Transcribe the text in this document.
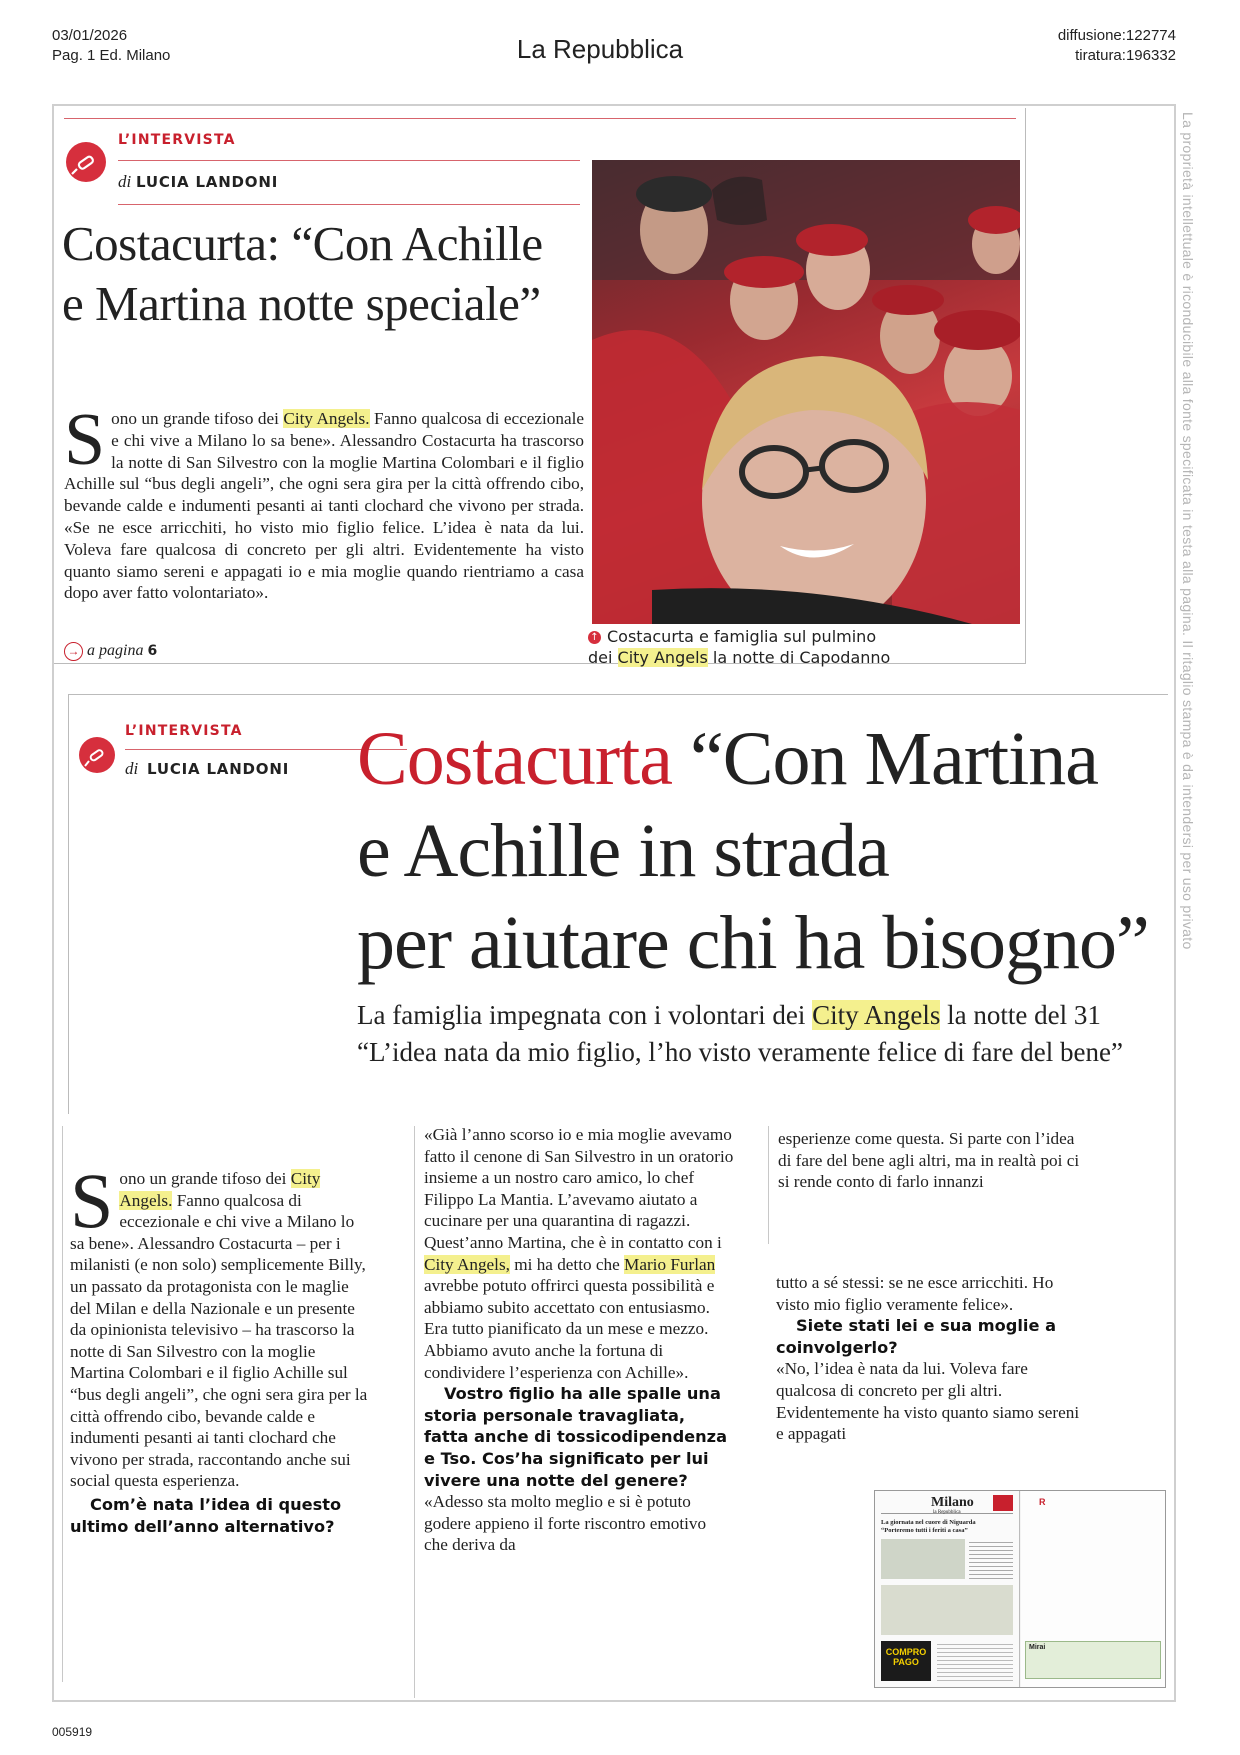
03/01/2026
Pag. 1 Ed. Milano	La Repubblica	diffusione:122774
tiratura:196332
La proprietà intellettuale è riconducibile alla fonte specificata in testa alla pagina. Il ritaglio stampa è da intendersi per uso privato
L’INTERVISTA
di LUCIA LANDONI
Costacurta: “Con Achille
e Martina notte speciale”
Sono un grande tifoso dei City Angels. Fanno qualcosa di eccezionale e chi vive a Milano lo sa bene». Alessandro Costacurta ha trascorso la notte di San Silvestro con la moglie Martina Colombari e il figlio Achille sul “bus degli angeli”, che ogni sera gira per la città offrendo cibo, bevande calde e indumenti pesanti ai tanti clochard che vivono per strada. «Se ne esce arricchiti, ho visto mio figlio felice. L’idea è nata da lui. Voleva fare qualcosa di concreto per gli altri. Evidentemente ha visto quanto siamo sereni e appagati io e mia moglie quando rientriamo a casa dopo aver fatto volontariato».
→ a pagina 6
↑ Costacurta e famiglia sul pulmino
dei City Angels la notte di Capodanno
L’INTERVISTA
di LUCIA LANDONI Costacurta “Con Martina
e Achille in strada
per aiutare chi ha bisogno”
La famiglia impegnata con i volontari dei City Angels la notte del 31
“L’idea nata da mio figlio, l’ho visto veramente felice di fare del bene”
Sono un grande tifoso dei City Angels. Fanno qualcosa di eccezionale e chi vive a Milano lo sa bene». Alessandro Costacurta – per i milanisti (e non solo) semplicemente Billy, un passato da protagonista con le maglie del Milan e della Nazionale e un presente da opinionista televisivo – ha trascorso la notte di San Silvestro con la moglie Martina Colombari e il figlio Achille sul “bus degli angeli”, che ogni sera gira per la città offrendo cibo, bevande calde e indumenti pesanti ai tanti clochard che vivono per strada, raccontando anche sui social questa esperienza.
Com’è nata l’idea di questo ultimo dell’anno alternativo?
«Già l’anno scorso io e mia moglie avevamo fatto il cenone di San Silvestro in un oratorio insieme a un nostro caro amico, lo chef Filippo La Mantia. L’avevamo aiutato a cucinare per una quarantina di ragazzi. Quest’anno Martina, che è in contatto con i City Angels, mi ha detto che Mario Furlan avrebbe potuto offrirci questa possibilità e abbiamo subito accettato con entusiasmo. Era tutto pianificato da un mese e mezzo. Abbiamo avuto anche la fortuna di condividere l’esperienza con Achille».
Vostro figlio ha alle spalle una storia personale travagliata, fatta anche di tossicodipendenza e Tso. Cos’ha significato per lui vivere una notte del genere?
«Adesso sta molto meglio e si è potuto godere appieno il forte riscontro emotivo che deriva da
esperienze come questa. Si parte con l’idea di fare del bene agli altri, ma in realtà poi ci si rende conto di farlo innanzi
tutto a sé stessi: se ne esce arricchiti. Ho visto mio figlio veramente felice».
Siete stati lei e sua moglie a coinvolgerlo?
«No, l’idea è nata da lui. Voleva fare qualcosa di concreto per gli altri. Evidentemente ha visto quanto siamo sereni e appagati
Milano
la Repubblica
La giornata nel cuore di Niguarda “Porteremo tutti i feriti a casa”
COMPRO
PAGO
R
Mirai
005919
